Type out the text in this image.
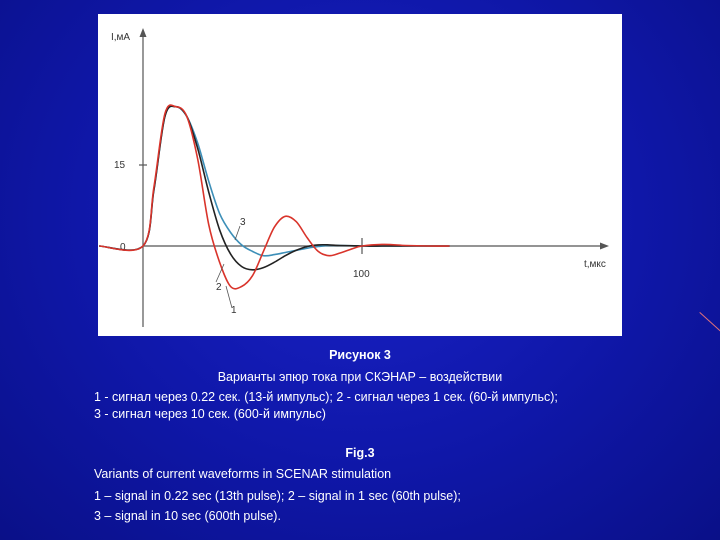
I,мА
t,мкс
0
15
100
1
2
3
Рисунок 3
Варианты эпюр тока при СКЭНАР – воздействии
1 - сигнал через 0.22 сек. (13-й импульс); 2 - сигнал через 1 сек. (60-й импульс);
3 - сигнал через 10 сек. (600-й импульс)
Fig.3
Variants of current waveforms in SCENAR stimulation
1 – signal in 0.22 sec (13th pulse); 2 – signal in 1 sec (60th pulse);
3 – signal in 10 sec (600th pulse).
